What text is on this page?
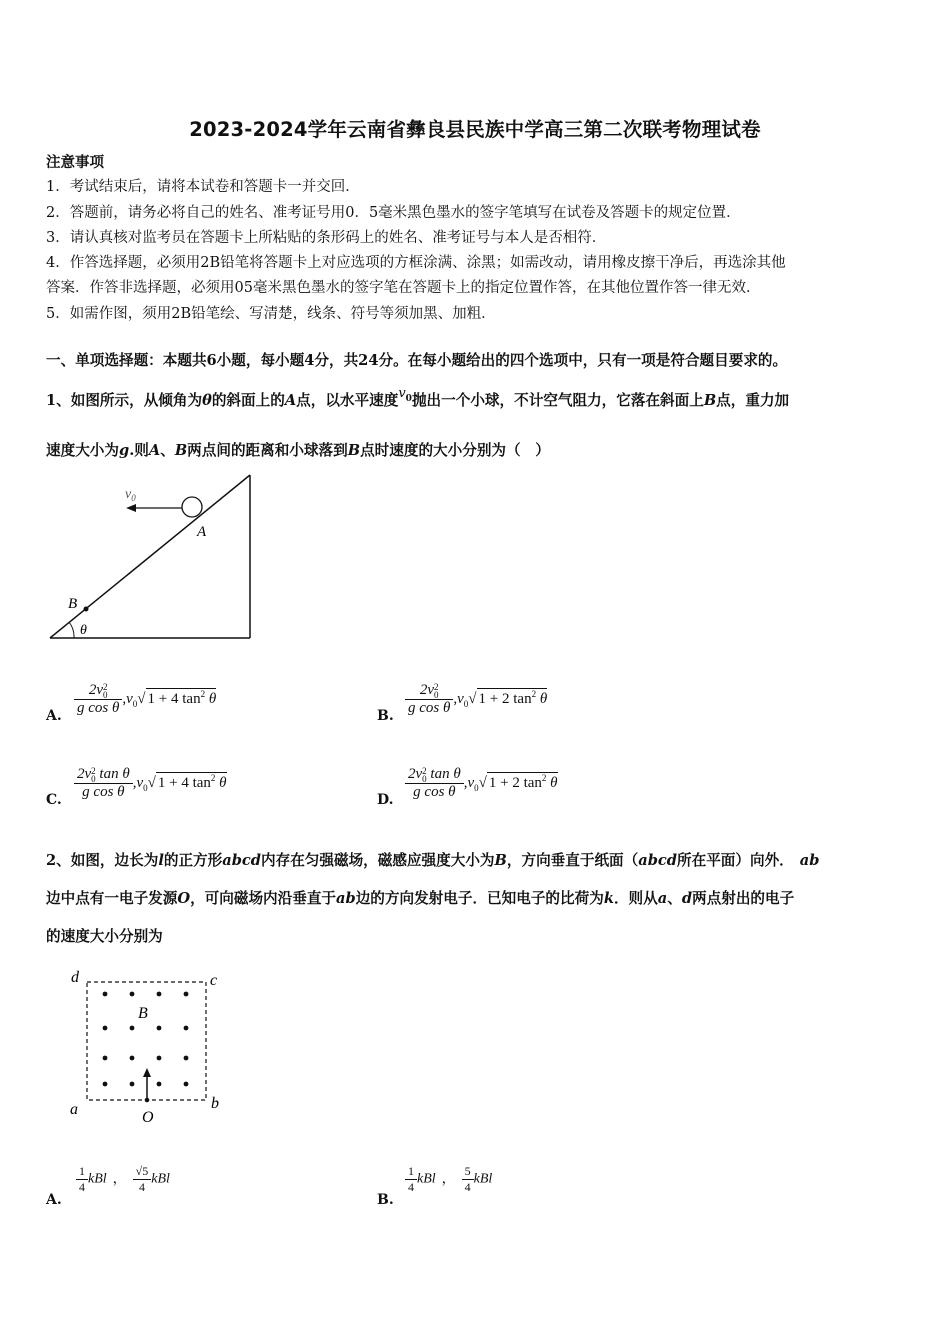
2023-2024学年云南省彝良县民族中学高三第二次联考物理试卷
注意事项
1．考试结束后，请将本试卷和答题卡一并交回．
2．答题前，请务必将自己的姓名、准考证号用0．5毫米黑色墨水的签字笔填写在试卷及答题卡的规定位置．
3．请认真核对监考员在答题卡上所粘贴的条形码上的姓名、准考证号与本人是否相符．
4．作答选择题，必须用2B铅笔将答题卡上对应选项的方框涂满、涂黑；如需改动，请用橡皮擦干净后，再选涂其他
答案．作答非选择题，必须用05毫米黑色墨水的签字笔在答题卡上的指定位置作答，在其他位置作答一律无效．
5．如需作图，须用2B铅笔绘、写清楚，线条、符号等须加黑、加粗．
一、单项选择题：本题共6小题，每小题4分，共24分。在每小题给出的四个选项中，只有一项是符合题目要求的。
1、如图所示，从倾角为θ的斜面上的A点，以水平速度$v_0$抛出一个小球，不计空气阻力，它落在斜面上B点，重力加
速度大小为g.则A、B两点间的距离和小球落到B点时速度的大小分别为（　）
$v_0$
A
B
θ
A. 2v 2
0
g cos θ $,v_0√$ 1 + 4 $\tan^2 \theta$
B. 2v 2
0
g cos θ $,v_0√$ 1 + 2 $\tan^2 \theta$
C. 2v 2
0 tan θ
g cos θ $,v_0√$ 1 + 4 $\tan^2 \theta$
D. 2v 2
0 tan θ
g cos θ $,v_0√$ 1 + 2 $\tan^2 \theta$
2、如图，边长为l的正方形abcd内存在匀强磁场，磁感应强度大小为B，方向垂直于纸面（abcd所在平面）向外． ab
边中点有一电子发源O，可向磁场内沿垂直于ab边的方向发射电子．已知电子的比荷为k．则从a、d两点射出的电子
的速度大小分别为
d	c
a	b
B
O
A.
$\frac{1}{4}$ kBl ， $\frac{√5}{4}$ kBl
B.
$\frac{1}{4}$ kBl ， $\frac{5}{4}$ kBl
